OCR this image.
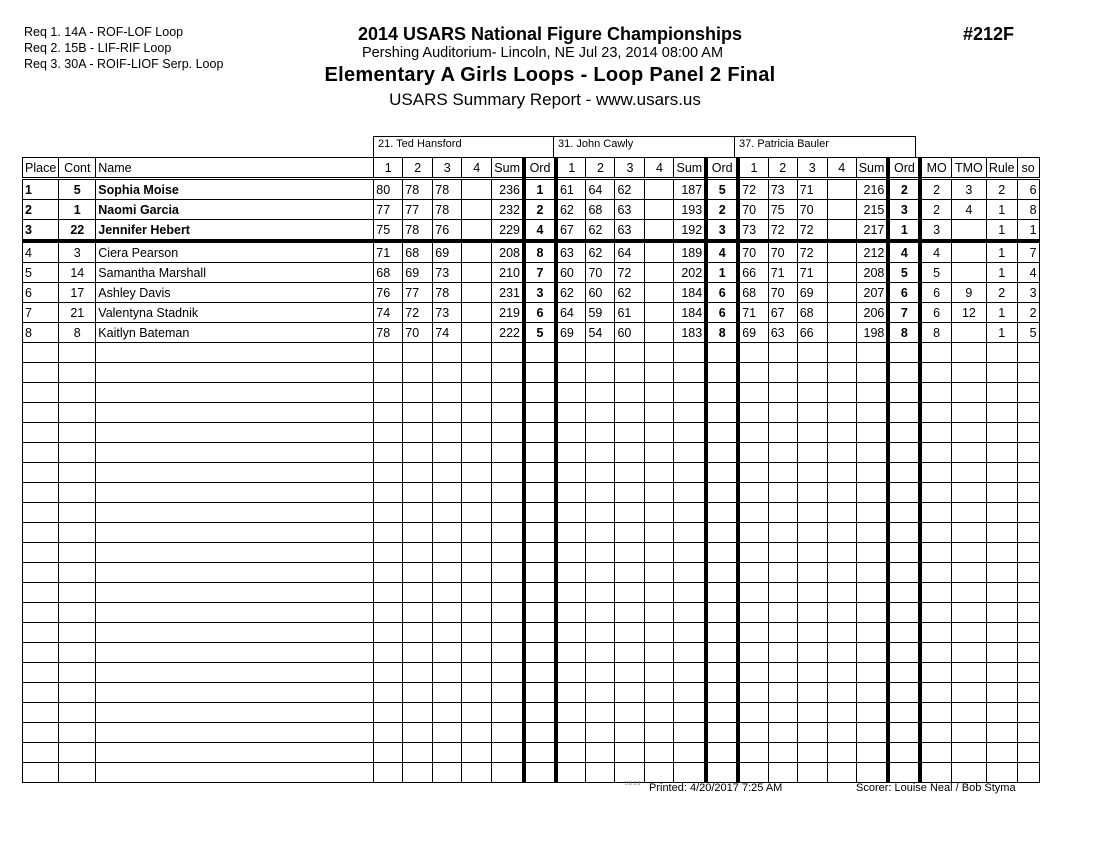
Req 1. 14A - ROF-LOF Loop
Req 2. 15B - LIF-RIF Loop
Req 3. 30A - ROIF-LIOF Serp. Loop
2014 USARS National Figure Championships
Pershing Auditorium- Lincoln, NE Jul 23, 2014 08:00 AM
Elementary A Girls Loops - Loop Panel 2 Final
USARS Summary Report - www.usars.us
#212F
21. Ted Hansford	31. John Cawly	37. Patricia Bauler
Place	Cont	Name	1	2	3	4	Sum	Ord	1	2	3	4	Sum	Ord	1	2	3	4	Sum	Ord	MO	TMO	Rule	so
1	5	Sophia Moise	80	78	78		236	1	61	64	62		187	5	72	73	71		216	2	2	3	2	6
2	1	Naomi Garcia	77	77	78		232	2	62	68	63		193	2	70	75	70		215	3	2	4	1	8
3	22	Jennifer Hebert	75	78	76		229	4	67	62	63		192	3	73	72	72		217	1	3		1	1
4	3	Ciera Pearson	71	68	69		208	8	63	62	64		189	4	70	70	72		212	4	4		1	7
5	14	Samantha Marshall	68	69	73		210	7	60	70	72		202	1	66	71	71		208	5	5		1	4
6	17	Ashley Davis	76	77	78		231	3	62	60	62		184	6	68	70	69		207	6	6	9	2	3
7	21	Valentyna Stadnik	74	72	73		219	6	64	59	61		184	6	71	67	68		206	7	6	12	1	2
8	8	Kaitlyn Bateman	78	70	74		222	5	69	54	60		183	8	69	63	66		198	8	8		1	5

3.8.1.8 Printed: 4/20/2017 7:25 AM	Scorer: Louise Neal / Bob Styma
